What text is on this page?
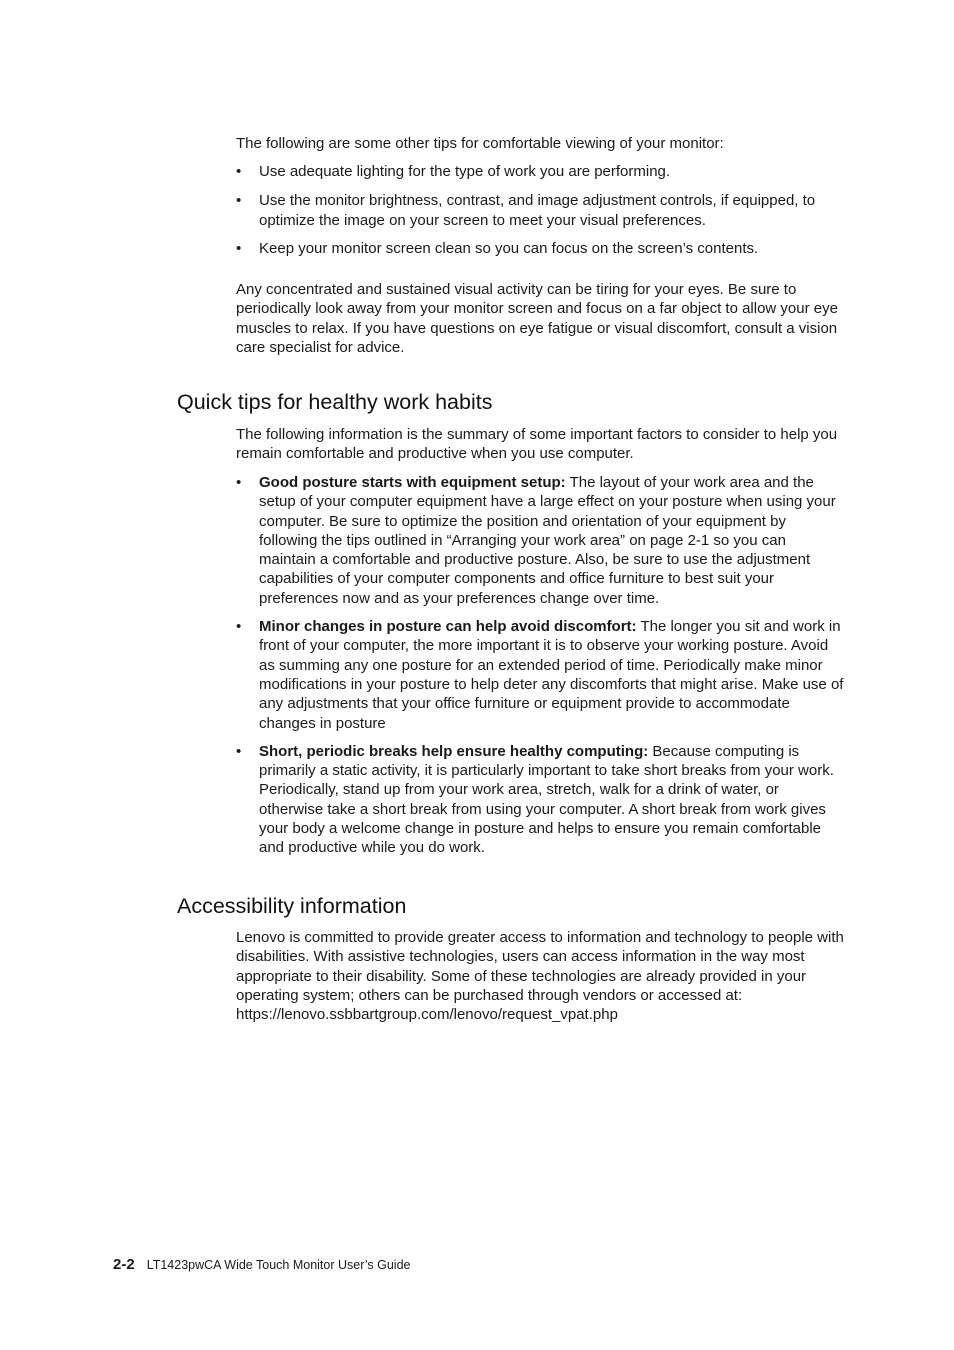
The following are some other tips for comfortable viewing of your monitor:

• Use adequate lighting for the type of work you are performing.
• Use the monitor brightness, contrast, and image adjustment controls, if equipped, to optimize the image on your screen to meet your visual preferences.
• Keep your monitor screen clean so you can focus on the screen’s contents.

Any concentrated and sustained visual activity can be tiring for your eyes. Be sure to periodically look away from your monitor screen and focus on a far object to allow your eye muscles to relax. If you have questions on eye fatigue or visual discomfort, consult a vision care specialist for advice.

Quick tips for healthy work habits

The following information is the summary of some important factors to consider to help you remain comfortable and productive when you use computer.

• Good posture starts with equipment setup: The layout of your work area and the setup of your computer equipment have a large effect on your posture when using your computer. Be sure to optimize the position and orientation of your equipment by following the tips outlined in “Arranging your work area” on page 2-1 so you can maintain a comfortable and productive posture. Also, be sure to use the adjustment capabilities of your computer components and office furniture to best suit your preferences now and as your preferences change over time.
• Minor changes in posture can help avoid discomfort: The longer you sit and work in front of your computer, the more important it is to observe your working posture. Avoid as summing any one posture for an extended period of time. Periodically make minor modifications in your posture to help deter any discomforts that might arise. Make use of any adjustments that your office furniture or equipment provide to accommodate changes in posture
• Short, periodic breaks help ensure healthy computing: Because computing is primarily a static activity, it is particularly important to take short breaks from your work. Periodically, stand up from your work area, stretch, walk for a drink of water, or otherwise take a short break from using your computer. A short break from work gives your body a welcome change in posture and helps to ensure you remain comfortable and productive while you do work.
Accessibility information

Lenovo is committed to provide greater access to information and technology to people with disabilities. With assistive technologies, users can access information in the way most appropriate to their disability. Some of these technologies are already provided in your operating system; others can be purchased through vendors or accessed at:
https://lenovo.ssbbartgroup.com/lenovo/request_vpat.php

2-2 LT1423pwCA Wide Touch Monitor User’s Guide
